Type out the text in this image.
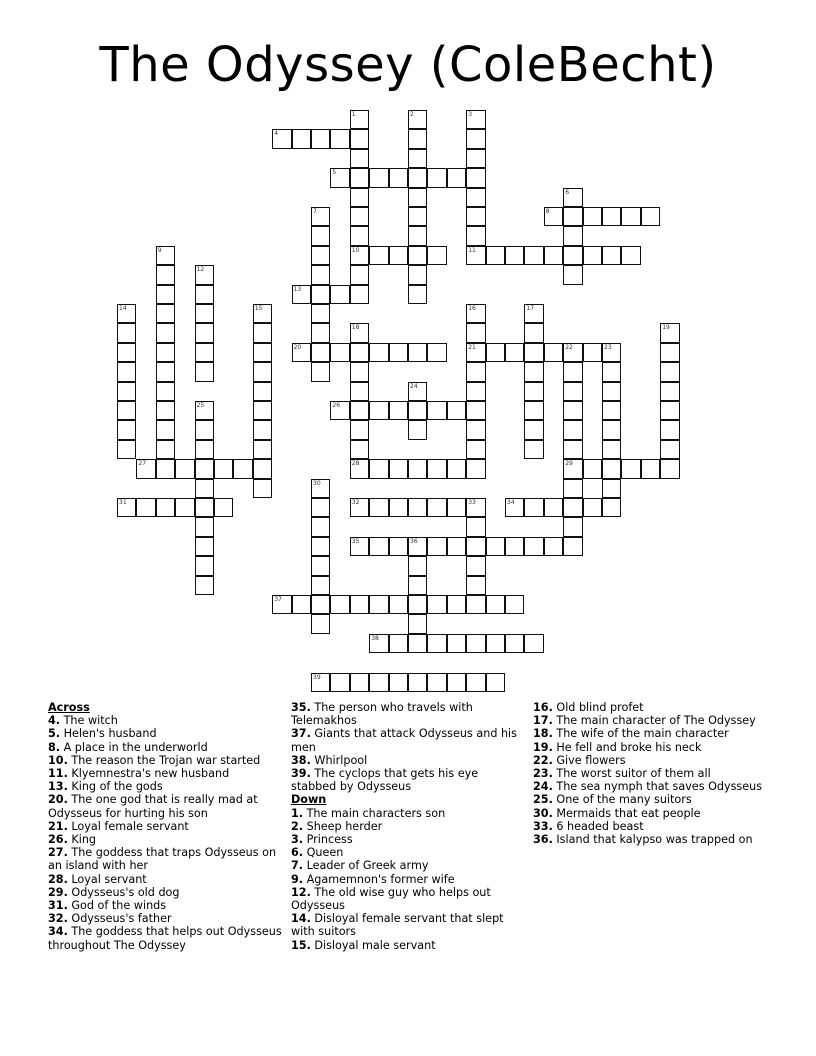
The Odyssey (ColeBecht)
1
10
2	3
11
4
5
6
7	8
9
12
13
14	15	16
21
17
18
28
19
20	22	23
29
24
25	26
27
30
31	32	33	34
35	36
37
38
39
Across
4. The witch
5. Helen's husband
8. A place in the underworld
10. The reason the Trojan war started
11. Klyemnestra's new husband
13. King of the gods
20. The one god that is really mad at Odysseus for hurting his son
21. Loyal female servant
26. King
27. The goddess that traps Odysseus on an island with her
28. Loyal servant
29. Odysseus's old dog
31. God of the winds
32. Odysseus's father
34. The goddess that helps out Odysseus throughout The Odyssey
35. The person who travels with Telemakhos
37. Giants that attack Odysseus and his men
38. Whirlpool
39. The cyclops that gets his eye stabbed by Odysseus
Down
1. The main characters son
2. Sheep herder
3. Princess
6. Queen
7. Leader of Greek army
9. Agamemnon's former wife
12. The old wise guy who helps out Odysseus
14. Disloyal female servant that slept with suitors
15. Disloyal male servant
16. Old blind profet
17. The main character of The Odyssey
18. The wife of the main character
19. He fell and broke his neck
22. Give flowers
23. The worst suitor of them all
24. The sea nymph that saves Odysseus
25. One of the many suitors
30. Mermaids that eat people
33. 6 headed beast
36. Island that kalypso was trapped on
